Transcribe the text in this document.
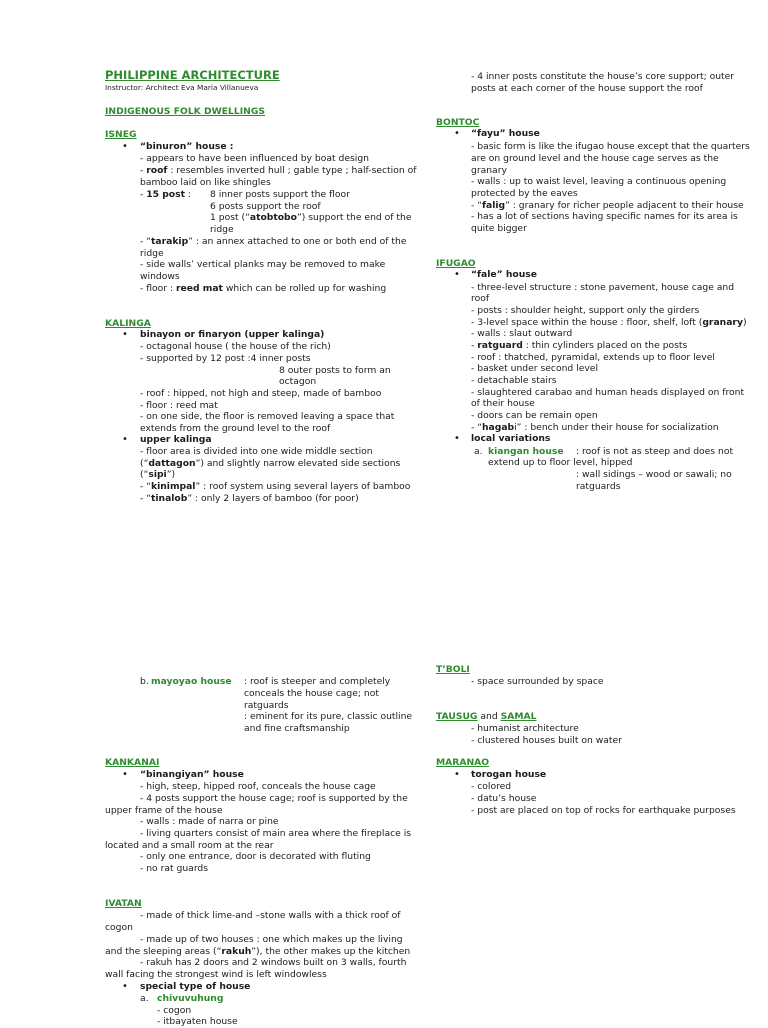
PHILIPPINE ARCHITECTURE
Instructor: Architect Eva Maria Villanueva
INDIGENOUS FOLK DWELLINGS
ISNEG
• “binuron” house :
- appears to have been influenced by boat design
- roof : resembles inverted hull ; gable type ; half-section of
bamboo laid on like shingles
- 15 post : 8 inner posts support the floor
6 posts support the roof
1 post (“atobtobo”) support the end of the
ridge
- “tarakip” : an annex attached to one or both end of the
ridge
- side walls’ vertical planks may be removed to make
windows
- floor : reed mat which can be rolled up for washing
KALINGA
• binayon or finaryon (upper kalinga)
- octagonal house ( the house of the rich)
- supported by 12 post :4 inner posts
8 outer posts to form an
octagon
- roof : hipped, not high and steep, made of bamboo
- floor : reed mat
- on one side, the floor is removed leaving a space that
extends from the ground level to the roof
• upper kalinga
- floor area is divided into one wide middle section
(“dattagon”) and slightly narrow elevated side sections
(“sipi”)
- “kinimpal” : roof system using several layers of bamboo
- “tinalob” : only 2 layers of bamboo (for poor)
- 4 inner posts constitute the house’s core support; outer
posts at each corner of the house support the roof
BONTOC
• “fayu” house
- basic form is like the ifugao house except that the quarters
are on ground level and the house cage serves as the
granary
- walls : up to waist level, leaving a continuous opening
protected by the eaves
- “falig” : granary for richer people adjacent to their house
- has a lot of sections having specific names for its area is
quite bigger
IFUGAO
• “fale” house
- three-level structure : stone pavement, house cage and
roof
- posts : shoulder height, support only the girders
- 3-level space within the house : floor, shelf, loft (granary)
- walls : slaut outward
- ratguard : thin cylinders placed on the posts
- roof : thatched, pyramidal, extends up to floor level
- basket under second level
- detachable stairs
- slaughtered carabao and human heads displayed on front
of their house
- doors can be remain open
- “hagabi” : bench under their house for socialization
• local variations
a. kiangan house : roof is not as steep and does not
extend up to floor level, hipped
: wall sidings – wood or sawali; no
ratguards
b. mayoyao house : roof is steeper and completely
conceals the house cage; not
ratguards
: eminent for its pure, classic outline
and fine craftsmanship
KANKANAI
• “binangiyan” house
- high, steep, hipped roof, conceals the house cage
- 4 posts support the house cage; roof is supported by the
upper frame of the house
- walls : made of narra or pine
- living quarters consist of main area where the fireplace is
located and a small room at the rear
- only one entrance, door is decorated with fluting
- no rat guards
IVATAN
- made of thick lime-and –stone walls with a thick roof of
cogon
- made up of two houses : one which makes up the living
and the sleeping areas (“rakuh”), the other makes up the kitchen
- rakuh has 2 doors and 2 windows built on 3 walls, fourth
wall facing the strongest wind is left windowless
• special type of house
a. chivuvuhung
- cogon
- itbayaten house
T’BOLI
- space surrounded by space
TAUSUG and SAMAL
- humanist architecture
- clustered houses built on water
MARANAO
• torogan house
- colored
- datu’s house
- post are placed on top of rocks for earthquake purposes
